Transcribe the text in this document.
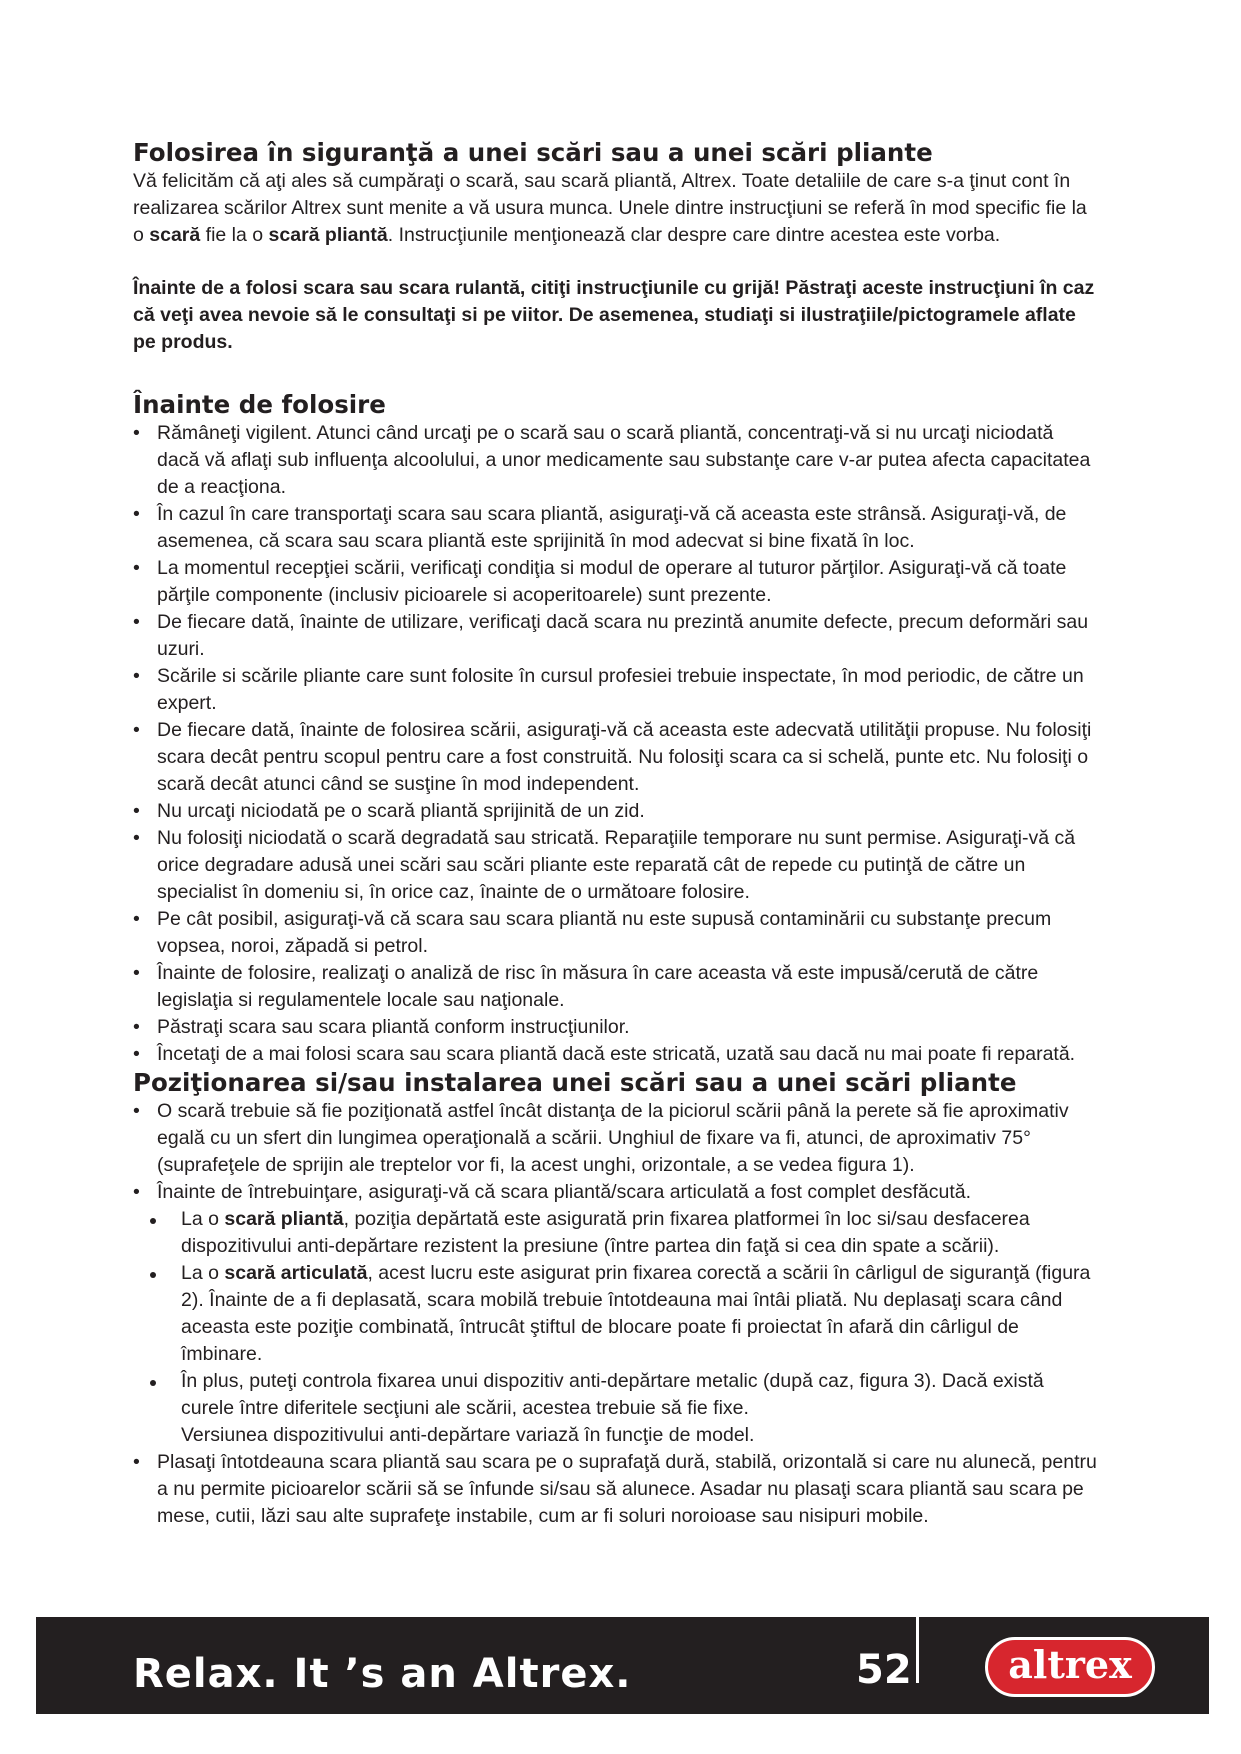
Folosirea în siguranţă a unei scări sau a unei scări pliante

Vă felicităm că aţi ales să cumpăraţi o scară, sau scară pliantă, Altrex. Toate detaliile de care s-a ţinut cont în realizarea scărilor Altrex sunt menite a vă usura munca. Unele dintre instrucţiuni se referă în mod specific fie la o scară fie la o scară pliantă. Instrucţiunile menţionează clar despre care dintre acestea este vorba.

Înainte de a folosi scara sau scara rulantă, citiţi instrucţiunile cu grijă! Păstraţi aceste instrucţiuni în caz că veţi avea nevoie să le consultaţi si pe viitor. De asemenea, studiaţi si ilustraţiile/pictogramele aflate pe produs.

Înainte de folosire
• Rămâneţi vigilent. Atunci când urcaţi pe o scară sau o scară pliantă, concentraţi-vă si nu urcaţi niciodată dacă vă aflaţi sub influenţa alcoolului, a unor medicamente sau substanţe care v-ar putea afecta capacitatea de a reacţiona.
• În cazul în care transportaţi scara sau scara pliantă, asiguraţi-vă că aceasta este strânsă. Asiguraţi-vă, de asemenea, că scara sau scara pliantă este sprijinită în mod adecvat si bine fixată în loc.
• La momentul recepţiei scării, verificaţi condiţia si modul de operare al tuturor părţilor. Asiguraţi-vă că toate părţile componente (inclusiv picioarele si acoperitoarele) sunt prezente.
• De fiecare dată, înainte de utilizare, verificaţi dacă scara nu prezintă anumite defecte, precum deformări sau uzuri.
• Scările si scările pliante care sunt folosite în cursul profesiei trebuie inspectate, în mod periodic, de către un expert.
• De fiecare dată, înainte de folosirea scării, asiguraţi-vă că aceasta este adecvată utilităţii propuse. Nu folosiţi scara decât pentru scopul pentru care a fost construită. Nu folosiţi scara ca si schelă, punte etc. Nu folosiţi o scară decât atunci când se susţine în mod independent.
• Nu urcaţi niciodată pe o scară pliantă sprijinită de un zid.
• Nu folosiţi niciodată o scară degradată sau stricată. Reparaţiile temporare nu sunt permise. Asiguraţi-vă că orice degradare adusă unei scări sau scări pliante este reparată cât de repede cu putinţă de către un specialist în domeniu si, în orice caz, înainte de o următoare folosire.
• Pe cât posibil, asiguraţi-vă că scara sau scara pliantă nu este supusă contaminării cu substanţe precum vopsea, noroi, zăpadă si petrol.
• Înainte de folosire, realizaţi o analiză de risc în măsura în care aceasta vă este impusă/cerută de către legislaţia si regulamentele locale sau naţionale.
• Păstraţi scara sau scara pliantă conform instrucţiunilor.
• Încetaţi de a mai folosi scara sau scara pliantă dacă este stricată, uzată sau dacă nu mai poate fi reparată.
Poziţionarea si/sau instalarea unei scări sau a unei scări pliante
• O scară trebuie să fie poziţionată astfel încât distanţa de la piciorul scării până la perete să fie aproximativ egală cu un sfert din lungimea operaţională a scării. Unghiul de fixare va fi, atunci, de aproximativ 75° (suprafeţele de sprijin ale treptelor vor fi, la acest unghi, orizontale, a se vedea figura 1).
• Înainte de întrebuinţare, asiguraţi-vă că scara pliantă/scara articulată a fost complet desfăcută.
La o scară pliantă, poziţia depărtată este asigurată prin fixarea platformei în loc si/sau desfacerea dispozitivului anti-depărtare rezistent la presiune (între partea din faţă si cea din spate a scării).
La o scară articulată, acest lucru este asigurat prin fixarea corectă a scării în cârligul de siguranţă (figura 2). Înainte de a fi deplasată, scara mobilă trebuie întotdeauna mai întâi pliată. Nu deplasaţi scara când aceasta este poziţie combinată, întrucât ştiftul de blocare poate fi proiectat în afară din cârligul de îmbinare.
În plus, puteţi controla fixarea unui dispozitiv anti-depărtare metalic (după caz, figura 3). Dacă există curele între diferitele secţiuni ale scării, acestea trebuie să fie fixe.
Versiunea dispozitivului anti-depărtare variază în funcţie de model.
• Plasaţi întotdeauna scara pliantă sau scara pe o suprafaţă dură, stabilă, orizontală si care nu alunecă, pentru a nu permite picioarelor scării să se înfunde si/sau să alunece. Asadar nu plasaţi scara pliantă sau scara pe mese, cutii, lăzi sau alte suprafeţe instabile, cum ar fi soluri noroioase sau nisipuri mobile.
Relax. It ’s an Altrex.	52	altrex
